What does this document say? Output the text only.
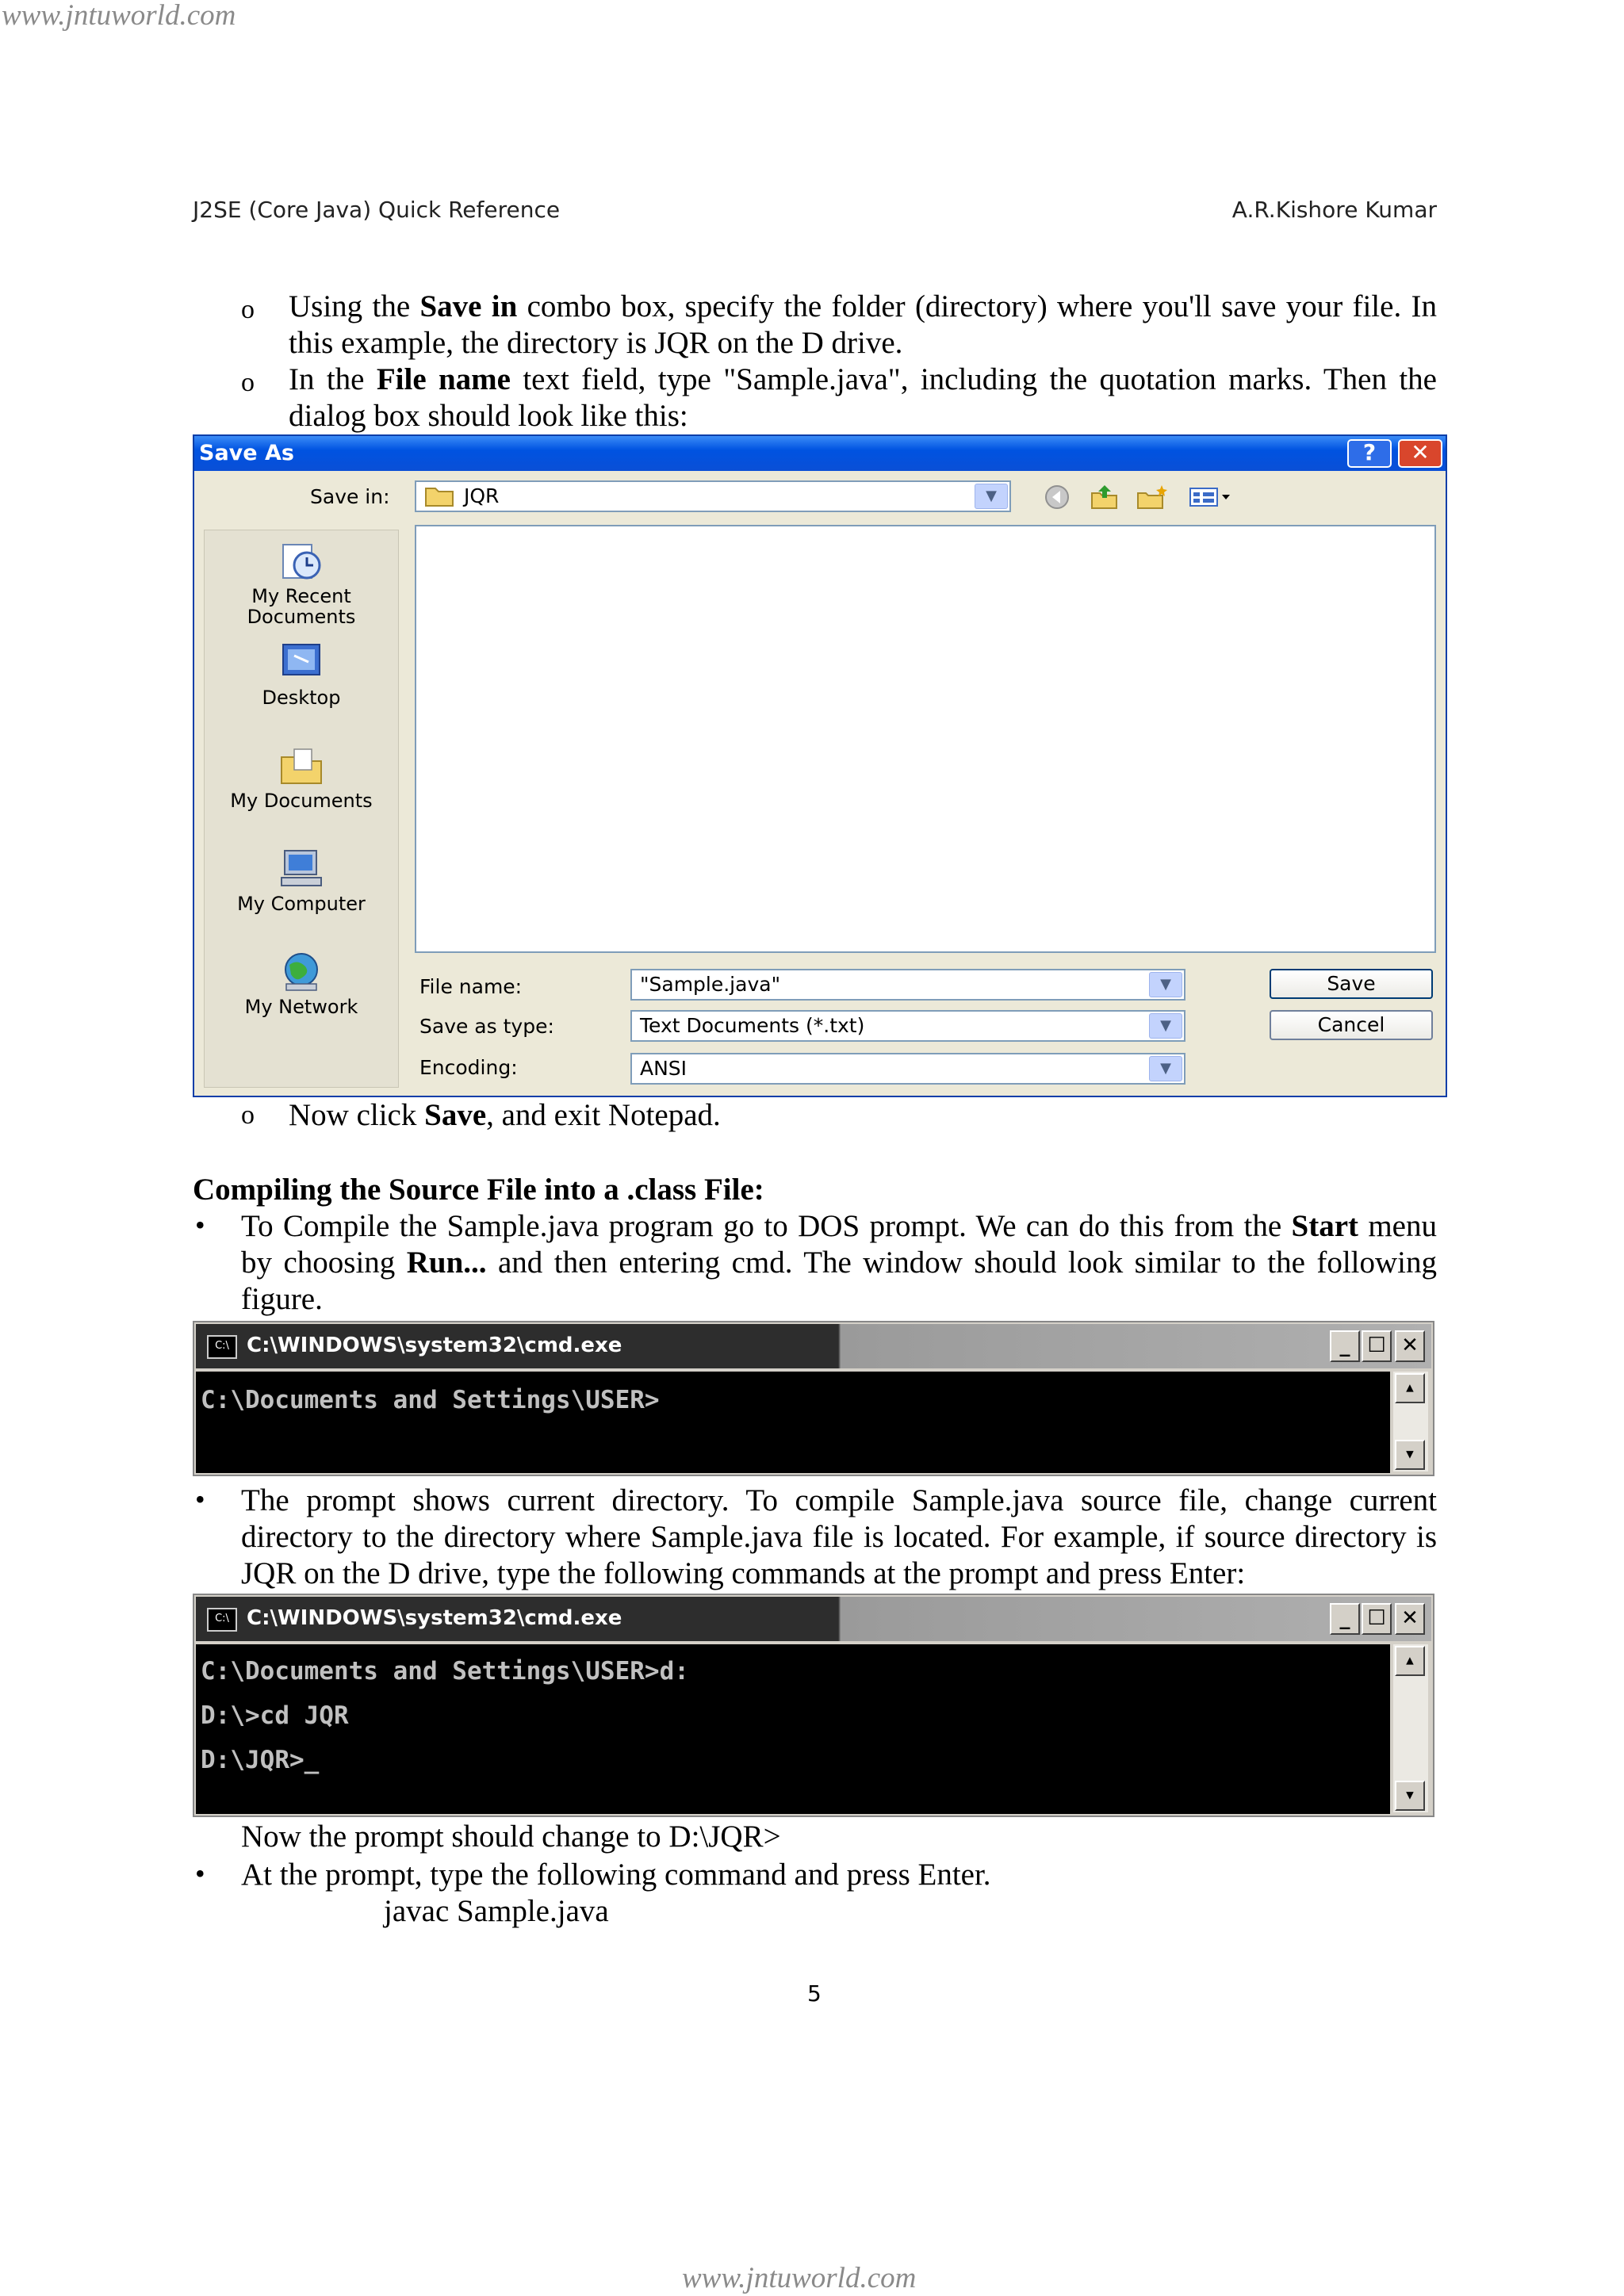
www.jntuworld.com
J2SE (Core Java) Quick Reference	A.R.Kishore Kumar
o Using the Save in combo box, specify the folder (directory) where you'll save your file. In this example, the directory is JQR on the D drive.
o In the File name text field, type "Sample.java", including the quotation marks. Then the dialog box should look like this:
Save As	?	✕
Save in:	JQR	▼
My Recent
Documents
Desktop
My Documents
My Computer
My Network
File name:	"Sample.java"	▼
Save as type:	Text Documents (*.txt)	▼
Encoding:	ANSI	▼
Save
Cancel
o Now click Save, and exit Notepad.
Compiling the Source File into a .class File:
• To Compile the Sample.java program go to DOS prompt. We can do this from the Start menu by choosing Run... and then entering cmd. The window should look similar to the following figure.
C:\ C:\WINDOWS\system32\cmd.exe	_ ☐ ✕
C:\Documents and Settings\USER>	▲
▼
• The prompt shows current directory. To compile Sample.java source file, change current directory to the directory where Sample.java file is located. For example, if source directory is JQR on the D drive, type the following commands at the prompt and press Enter:
C:\ C:\WINDOWS\system32\cmd.exe	_ ☐ ✕
C:\Documents and Settings\USER>d:
D:\>cd JQR
D:\JQR>_
▲
▼
Now the prompt should change to D:\JQR>
• At the prompt, type the following command and press Enter.
javac Sample.java
5
www.jntuworld.com
